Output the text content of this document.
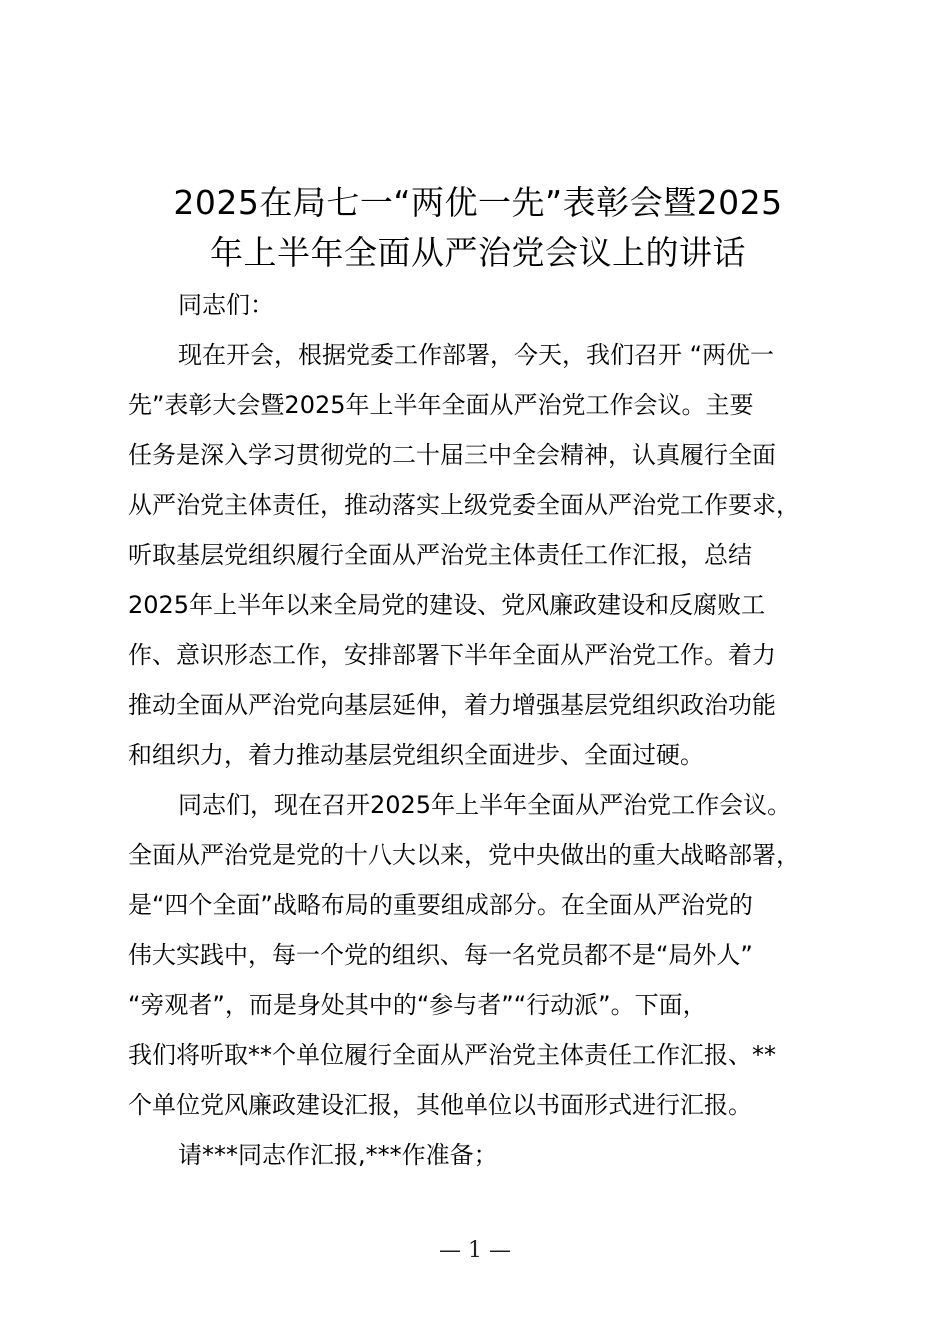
2025在局七一“两优一先”表彰会暨2025
年上半年全面从严治党会议上的讲话
同志们：
现在开会，根据党委工作部署，今天，我们召开 “两优一
先”表彰大会暨2025年上半年全面从严治党工作会议。主要
任务是深入学习贯彻党的二十届三中全会精神，认真履行全面
从严治党主体责任，推动落实上级党委全面从严治党工作要求，
听取基层党组织履行全面从严治党主体责任工作汇报，总结
2025年上半年以来全局党的建设、党风廉政建设和反腐败工
作、意识形态工作，安排部署下半年全面从严治党工作。着力
推动全面从严治党向基层延伸，着力增强基层党组织政治功能
和组织力，着力推动基层党组织全面进步、全面过硬。
同志们，现在召开2025年上半年全面从严治党工作会议。
全面从严治党是党的十八大以来，党中央做出的重大战略部署，
是“四个全面”战略布局的重要组成部分。在全面从严治党的
伟大实践中，每一个党的组织、每一名党员都不是“局外人”
“旁观者”，而是身处其中的“参与者”“行动派”。下面，
我们将听取**个单位履行全面从严治党主体责任工作汇报、**
个单位党风廉政建设汇报，其他单位以书面形式进行汇报。
请***同志作汇报,***作准备；
— 1 —
